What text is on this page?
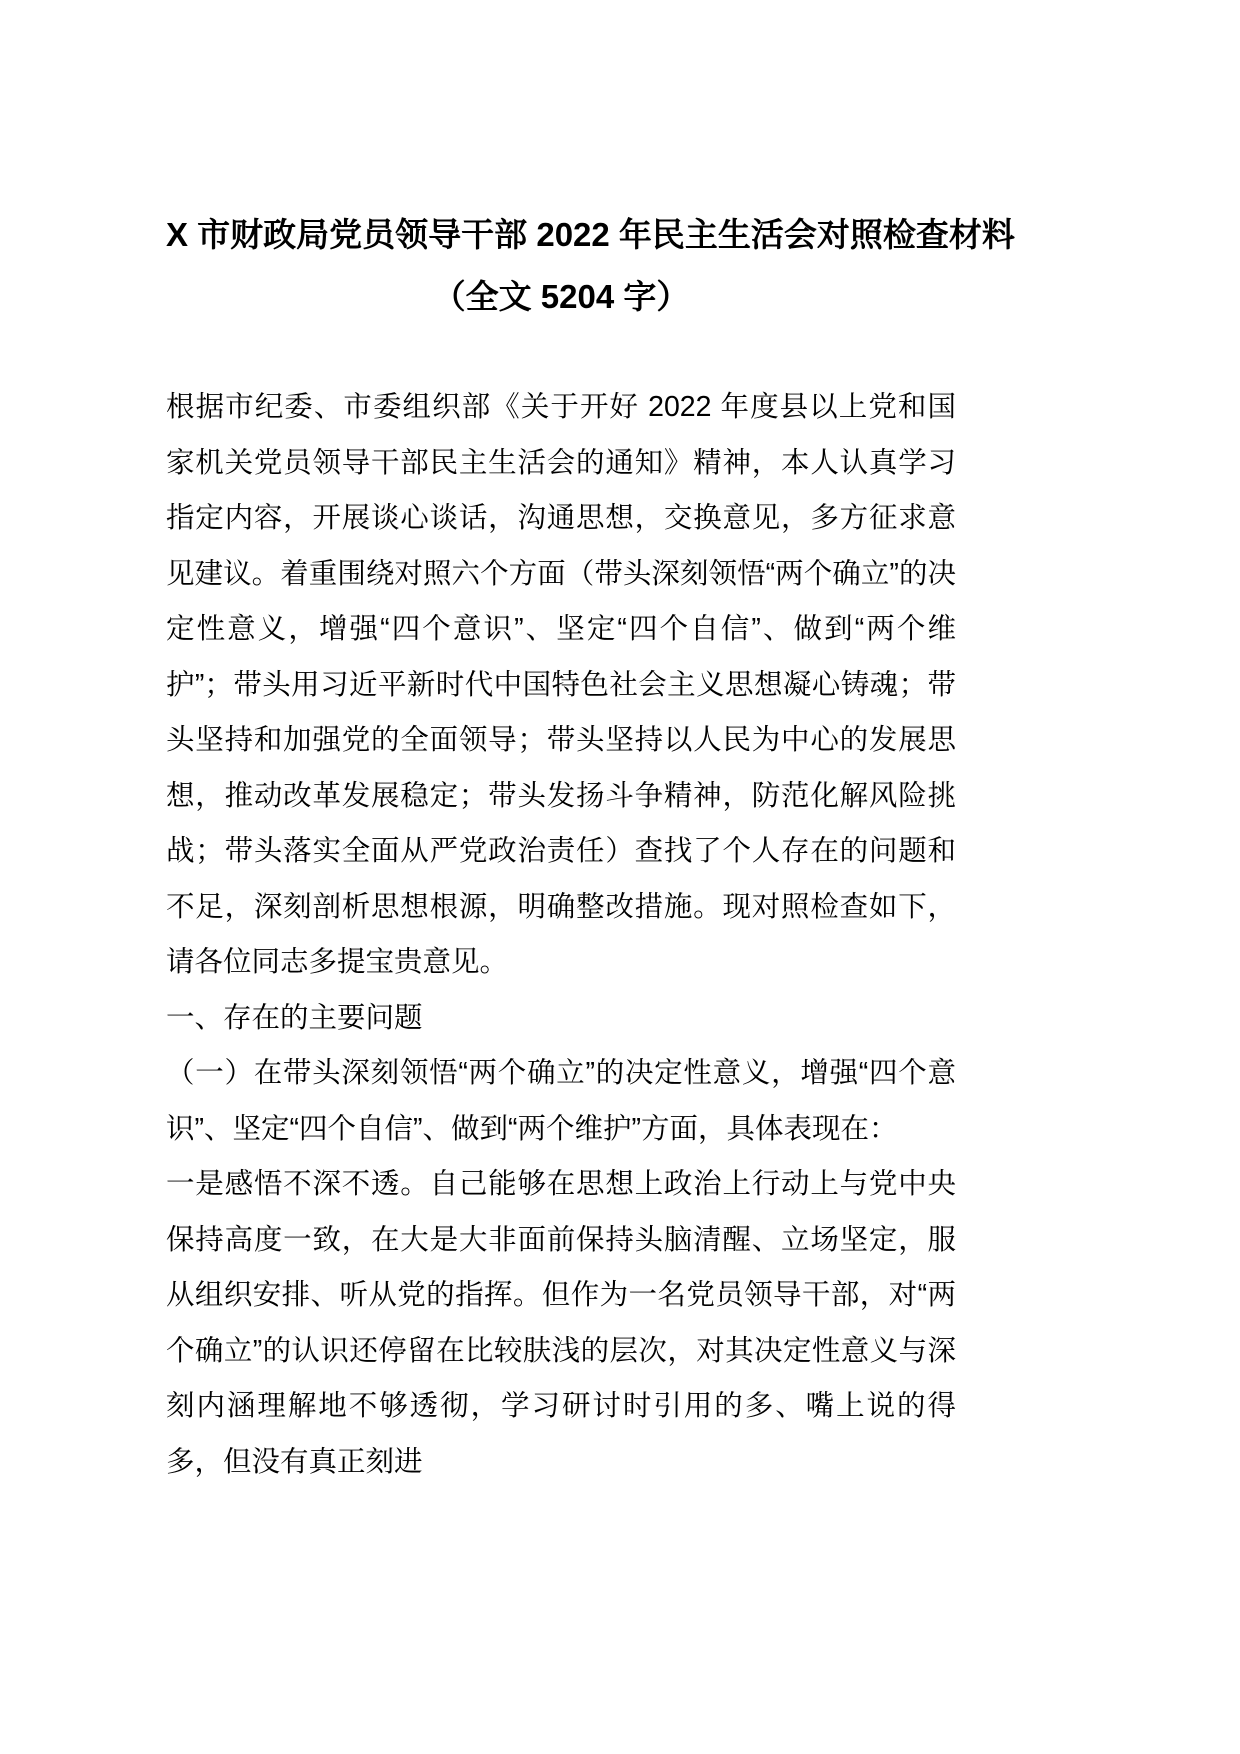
X 市财政局党员领导干部 2022 年民主生活会对照检查材料
（全文 5204 字）

根据市纪委、市委组织部《关于开好 2022 年度县以上党和国家机关党员领导干部民主生活会的通知》精神，本人认真学习指定内容，开展谈心谈话，沟通思想，交换意见，多方征求意见建议。着重围绕对照六个方面（带头深刻领悟“两个确立”的决定性意义，增强“四个意识”、坚定“四个自信”、做到“两个维护”；带头用习近平新时代中国特色社会主义思想凝心铸魂；带头坚持和加强党的全面领导；带头坚持以人民为中心的发展思想，推动改革发展稳定；带头发扬斗争精神，防范化解风险挑战；带头落实全面从严党政治责任）查找了个人存在的问题和不足，深刻剖析思想根源，明确整改措施。现对照检查如下，请各位同志多提宝贵意见。

一、存在的主要问题

（一）在带头深刻领悟“两个确立”的决定性意义，增强“四个意识”、坚定“四个自信”、做到“两个维护”方面，具体表现在：

一是感悟不深不透。自己能够在思想上政治上行动上与党中央保持高度一致，在大是大非面前保持头脑清醒、立场坚定，服从组织安排、听从党的指挥。但作为一名党员领导干部，对“两个确立”的认识还停留在比较肤浅的层次，对其决定性意义与深刻内涵理解地不够透彻，学习研讨时引用的多、嘴上说的得多，但没有真正刻进
